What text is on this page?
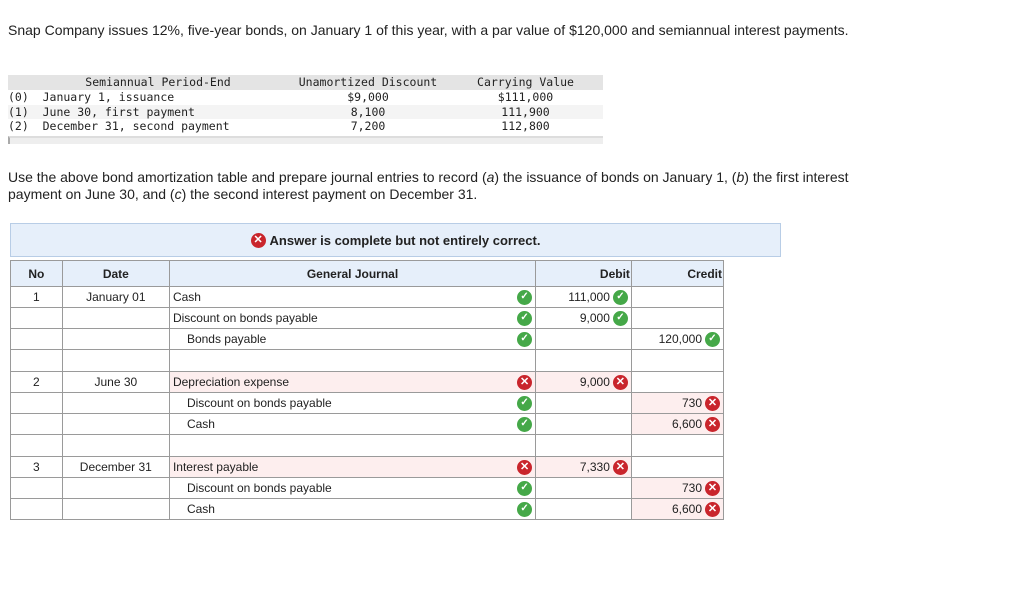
Snap Company issues 12%, five-year bonds, on January 1 of this year, with a par value of $120,000 and semiannual interest payments.
Semiannual Period-End	Unamortized Discount	Carrying Value
(0)  January 1, issuance	$9,000	$111,000
(1)  June 30, first payment	8,100	111,900
(2)  December 31, second payment	7,200	112,800
Use the above bond amortization table and prepare journal entries to record (a) the issuance of bonds on January 1, (b) the first interest payment on June 30, and (c) the second interest payment on December 31.
✕ Answer is complete but not entirely correct.
No	Date	General Journal	Debit	Credit
1	January 01	Cash ✓	111,000 ✓	

		Discount on bonds payable ✓	9,000 ✓	

		Bonds payable ✓		120,000 ✓

2	June 30	Depreciation expense ✕	9,000 ✕	

		Discount on bonds payable ✓		730 ✕

		Cash ✓		6,600 ✕

3	December 31	Interest payable ✕	7,330 ✕	

		Discount on bonds payable ✓		730 ✕

		Cash ✓		6,600 ✕
